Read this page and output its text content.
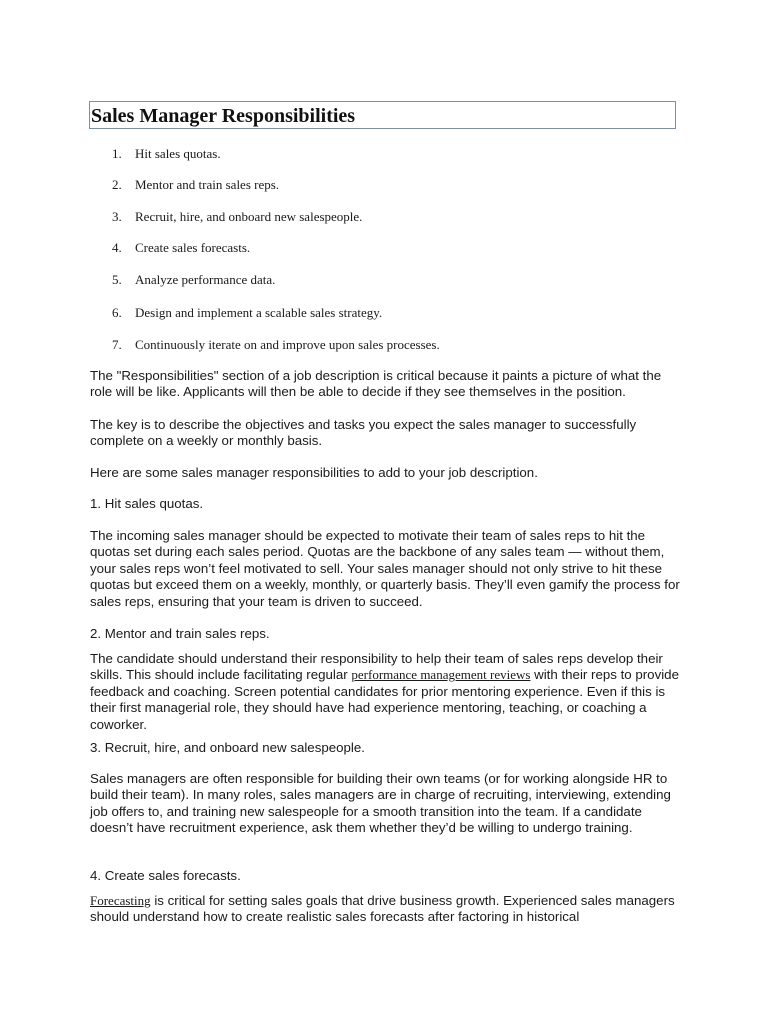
Sales Manager Responsibilities
1. Hit sales quotas.
2. Mentor and train sales reps.
3. Recruit, hire, and onboard new salespeople.
4. Create sales forecasts.
5. Analyze performance data.
6. Design and implement a scalable sales strategy.
7. Continuously iterate on and improve upon sales processes.

The "Responsibilities" section of a job description is critical because it paints a picture of what the role will be like. Applicants will then be able to decide if they see themselves in the position.

The key is to describe the objectives and tasks you expect the sales manager to successfully complete on a weekly or monthly basis.

Here are some sales manager responsibilities to add to your job description.

1. Hit sales quotas.

The incoming sales manager should be expected to motivate their team of sales reps to hit the quotas set during each sales period. Quotas are the backbone of any sales team — without them, your sales reps won’t feel motivated to sell. Your sales manager should not only strive to hit these quotas but exceed them on a weekly, monthly, or quarterly basis. They’ll even gamify the process for sales reps, ensuring that your team is driven to succeed.

2. Mentor and train sales reps.

The candidate should understand their responsibility to help their team of sales reps develop their skills. This should include facilitating regular performance management reviews with their reps to provide feedback and coaching. Screen potential candidates for prior mentoring experience. Even if this is their first managerial role, they should have had experience mentoring, teaching, or coaching a coworker.

3. Recruit, hire, and onboard new salespeople.

Sales managers are often responsible for building their own teams (or for working alongside HR to build their team). In many roles, sales managers are in charge of recruiting, interviewing, extending job offers to, and training new salespeople for a smooth transition into the team. If a candidate doesn’t have recruitment experience, ask them whether they’d be willing to undergo training.

4. Create sales forecasts.

Forecasting is critical for setting sales goals that drive business growth. Experienced sales managers should understand how to create realistic sales forecasts after factoring in historical
